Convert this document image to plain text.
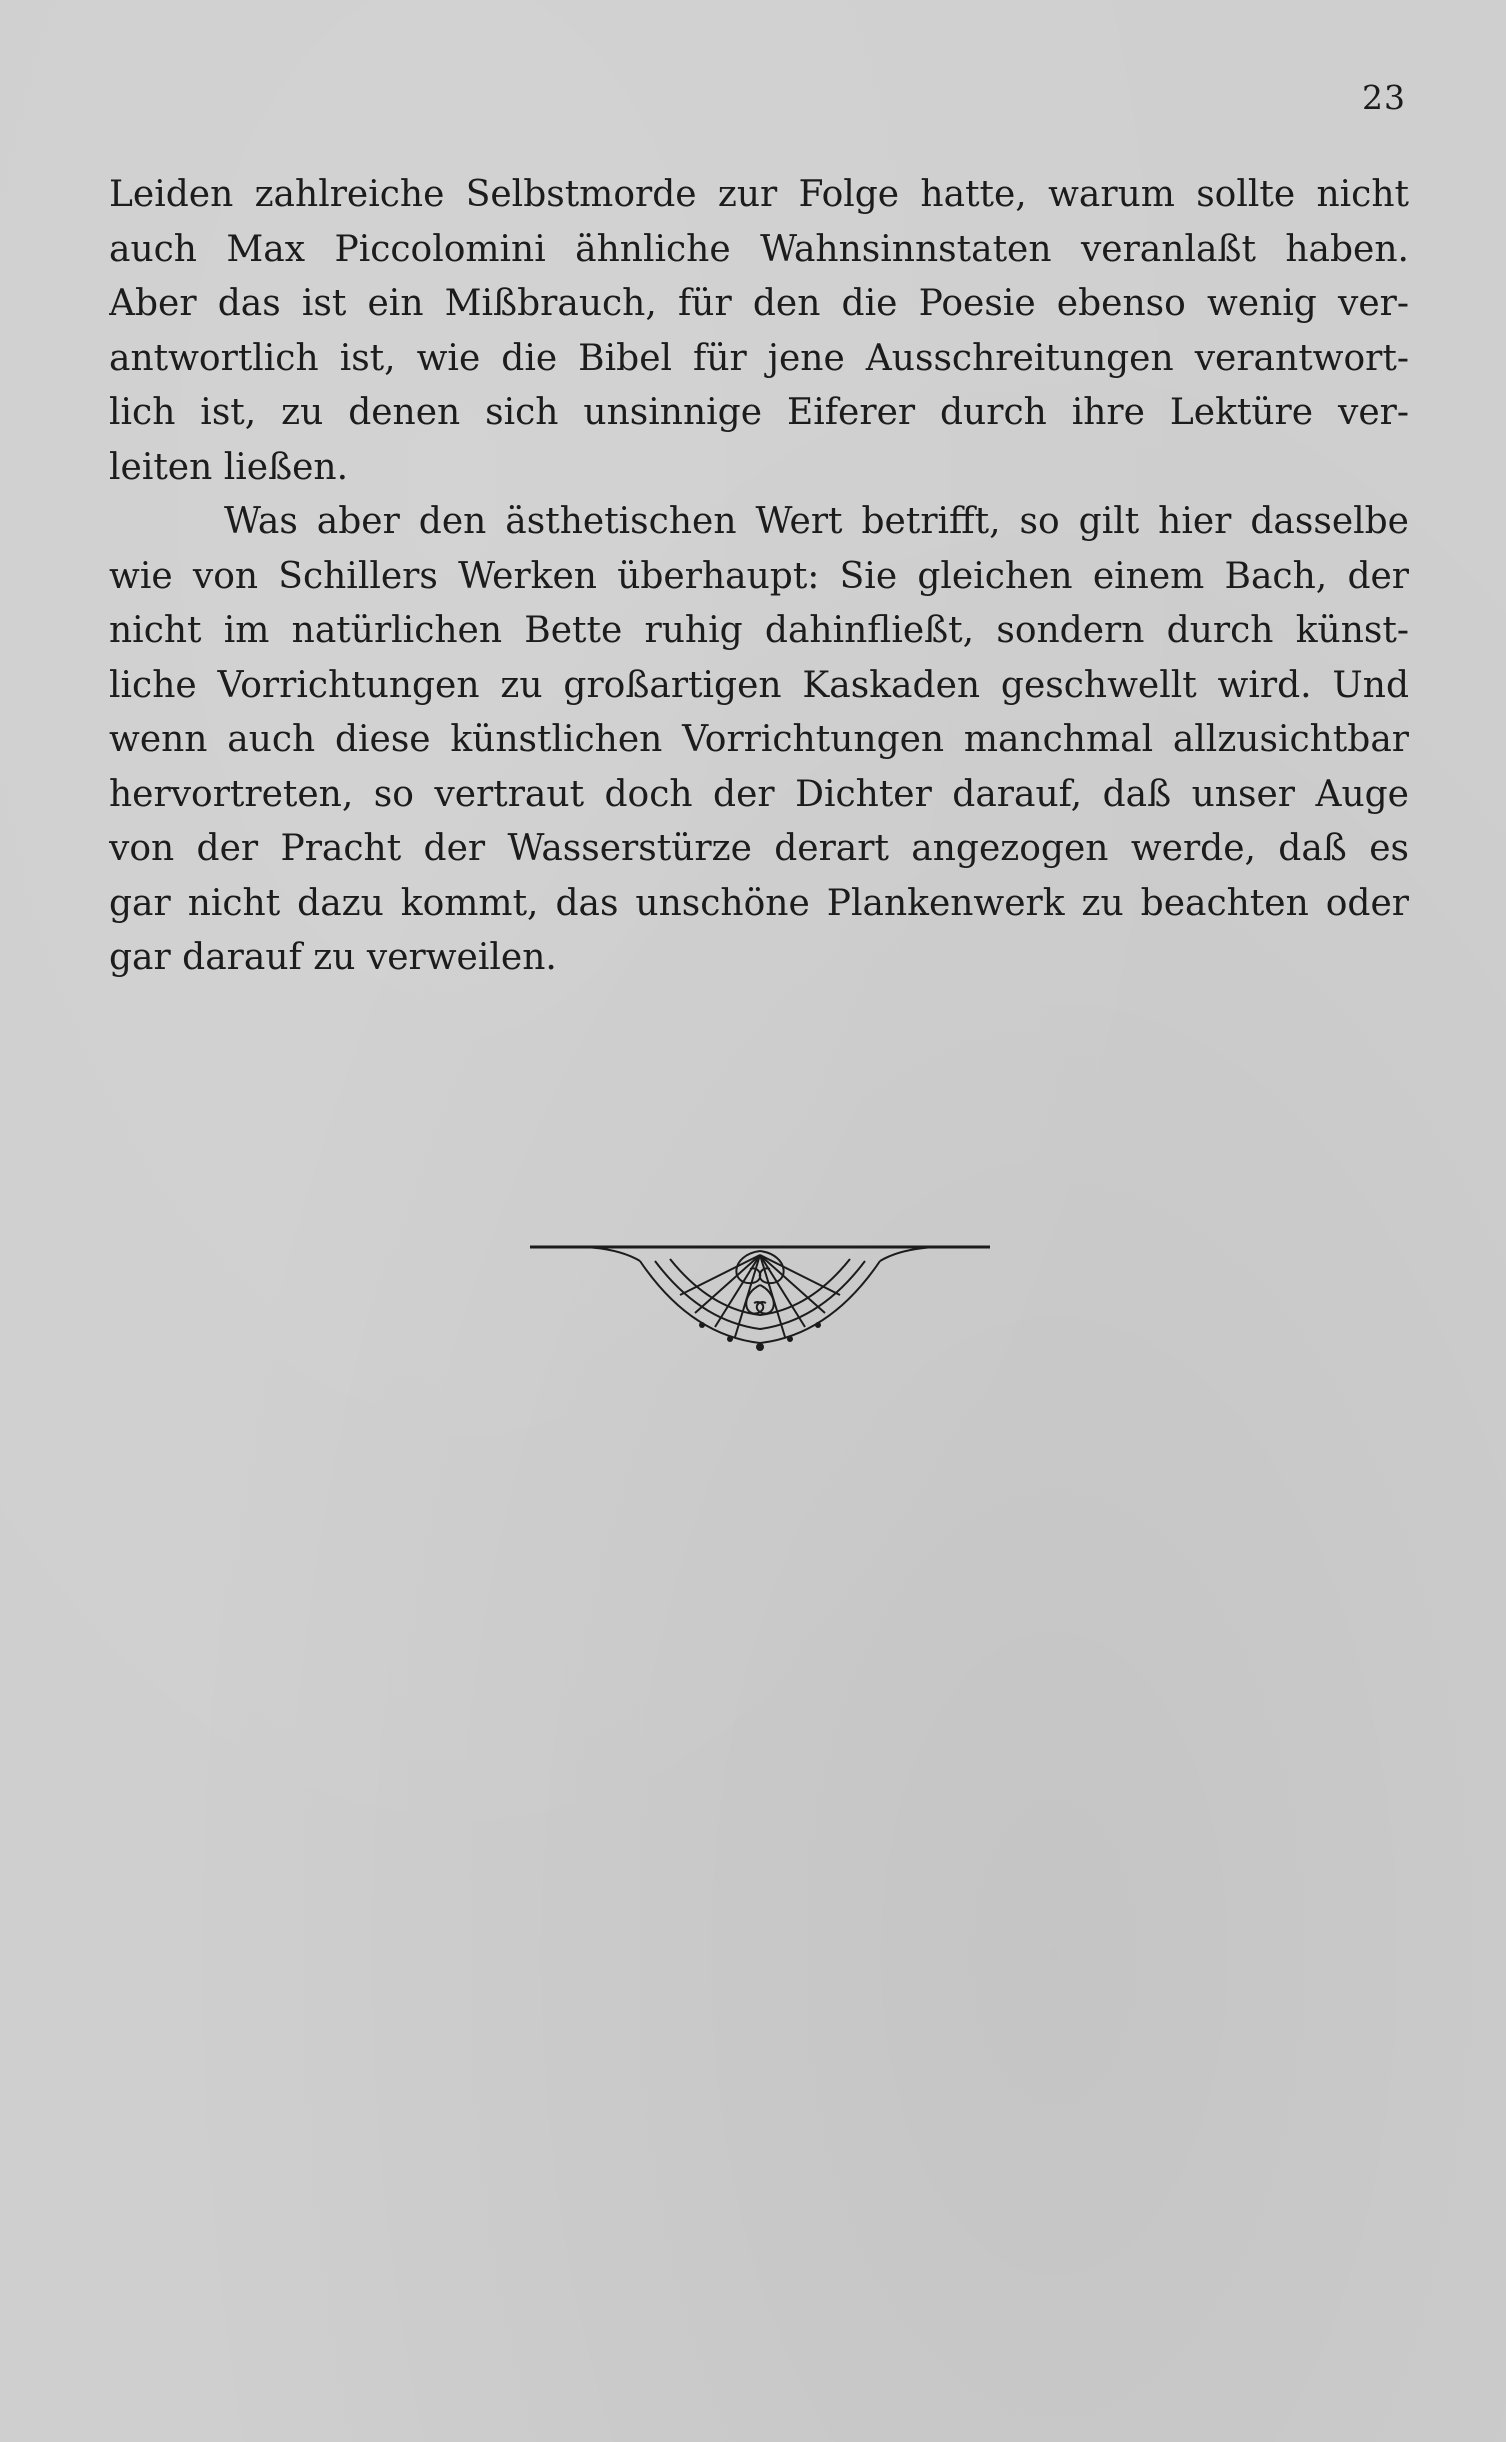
23
Leiden zahlreiche Selbstmorde zur Folge hatte, warum sollte nicht
auch Max Piccolomini ähnliche Wahnsinnstaten veranlaßt haben.
Aber das ist ein Mißbrauch, für den die Poesie ebenso wenig ver-
antwortlich ist, wie die Bibel für jene Ausschreitungen verantwort-
lich ist, zu denen sich unsinnige Eiferer durch ihre Lektüre ver-
leiten ließen.
Was aber den ästhetischen Wert betrifft, so gilt hier dasselbe
wie von Schillers Werken überhaupt: Sie gleichen einem Bach, der
nicht im natürlichen Bette ruhig dahinfließt, sondern durch künst-
liche Vorrichtungen zu großartigen Kaskaden geschwellt wird. Und
wenn auch diese künstlichen Vorrichtungen manchmal allzusichtbar
hervortreten, so vertraut doch der Dichter darauf, daß unser Auge
von der Pracht der Wasserstürze derart angezogen werde, daß es
gar nicht dazu kommt, das unschöne Plankenwerk zu beachten oder
gar darauf zu verweilen.
